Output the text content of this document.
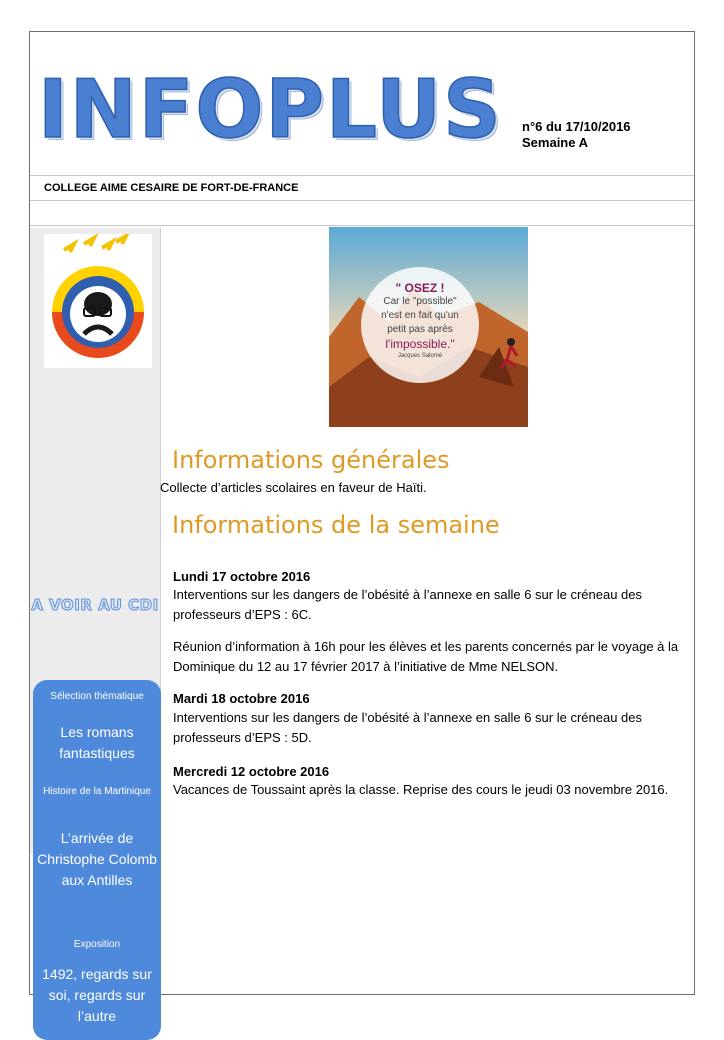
INFOPLUS n°6 du 17/10/2016
Semaine A
COLLEGE AIME CESAIRE DE FORT-DE-FRANCE
A VOIR AU CDI
Sélection thématique
Les romans fantastiques
Histoire de la Martinique
L’arrivée de Christophe Colomb aux Antilles
Exposition
1492, regards sur soi, regards sur l’autre
" OSEZ !
Car le "possible"
n'est en fait qu'un
petit pas après
l'impossible."
Jacques Salomé
Informations générales
Collecte d’articles scolaires en faveur de Haïti.
Informations de la semaine
Lundi 17 octobre 2016
Interventions sur les dangers de l’obésité à l’annexe en salle 6 sur le créneau des professeurs d’EPS : 6C.
Réunion d’information à 16h pour les élèves et les parents concernés par le voyage à la Dominique du 12 au 17 février 2017 à l’initiative de Mme NELSON.
Mardi 18 octobre 2016
Interventions sur les dangers de l’obésité à l’annexe en salle 6 sur le créneau des professeurs d’EPS : 5D.
Mercredi 12 octobre 2016
Vacances de Toussaint après la classe. Reprise des cours le jeudi 03 novembre 2016.
